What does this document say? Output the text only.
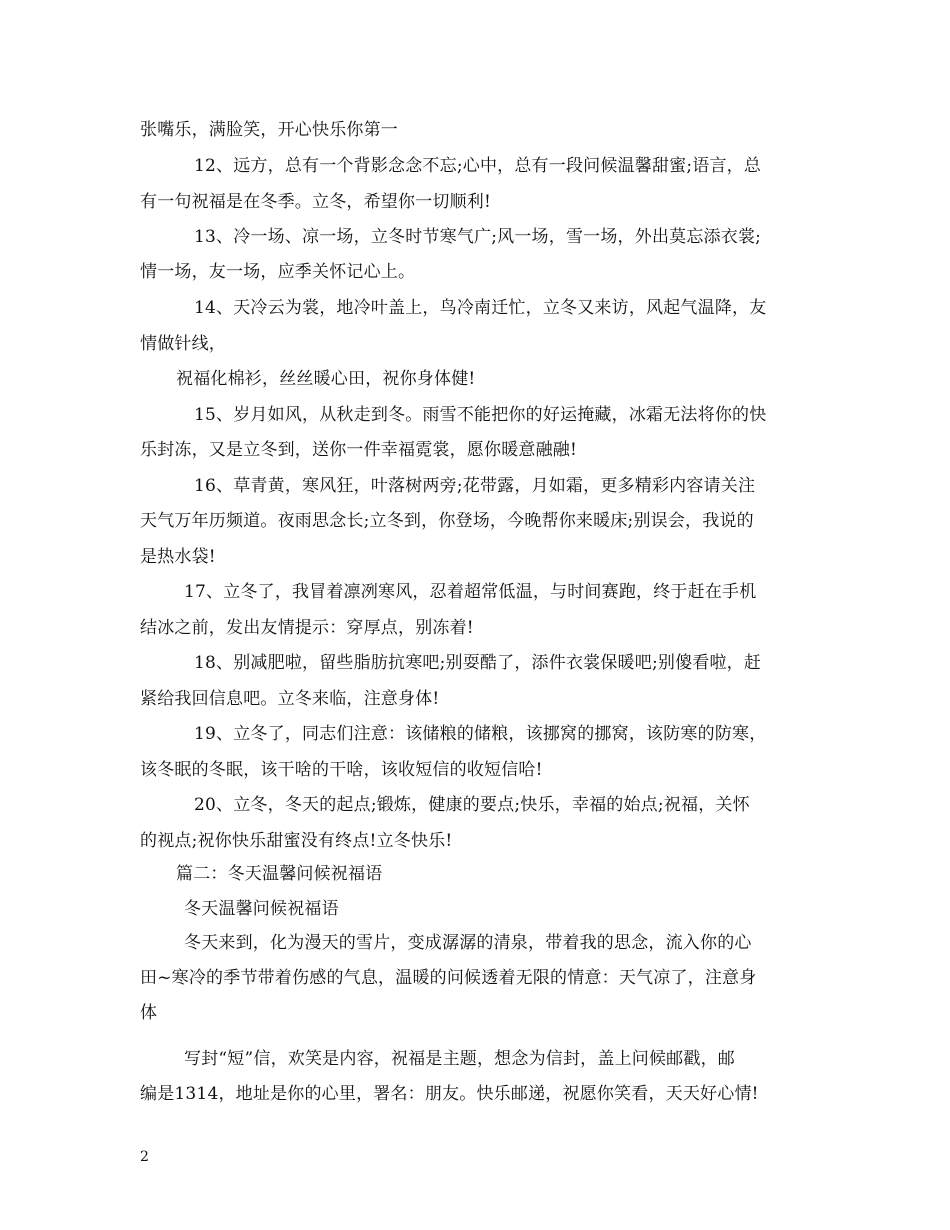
张嘴乐，满脸笑，开心快乐你第一
12、远方，总有一个背影念念不忘;心中，总有一段问候温馨甜蜜;语言，总
有一句祝福是在冬季。立冬，希望你一切顺利!
13、冷一场、凉一场，立冬时节寒气广;风一场，雪一场，外出莫忘添衣裳;
情一场，友一场，应季关怀记心上。
14、天冷云为裳，地冷叶盖上，鸟冷南迁忙，立冬又来访，风起气温降，友
情做针线，
祝福化棉衫，丝丝暖心田，祝你身体健!
15、岁月如风，从秋走到冬。雨雪不能把你的好运掩藏，冰霜无法将你的快
乐封冻，又是立冬到，送你一件幸福霓裳，愿你暖意融融!
16、草青黄，寒风狂，叶落树两旁;花带露，月如霜，更多精彩内容请关注
天气万年历频道。夜雨思念长;立冬到，你登场，今晚帮你来暖床;别误会，我说的
是热水袋!
17、立冬了，我冒着凛冽寒风，忍着超常低温，与时间赛跑，终于赶在手机
结冰之前，发出友情提示：穿厚点，别冻着!
18、别减肥啦，留些脂肪抗寒吧;别耍酷了，添件衣裳保暖吧;别傻看啦，赶
紧给我回信息吧。立冬来临，注意身体!
19、立冬了，同志们注意：该储粮的储粮，该挪窝的挪窝，该防寒的防寒，
该冬眠的冬眠，该干啥的干啥，该收短信的收短信哈!
20、立冬，冬天的起点;锻炼，健康的要点;快乐，幸福的始点;祝福，关怀
的视点;祝你快乐甜蜜没有终点!立冬快乐!
篇二：冬天温馨问候祝福语
冬天温馨问候祝福语
冬天来到，化为漫天的雪片，变成潺潺的清泉，带着我的思念，流入你的心
田~寒冷的季节带着伤感的气息，温暖的问候透着无限的情意：天气凉了，注意身
体
写封“短”信，欢笑是内容，祝福是主题，想念为信封，盖上问候邮戳，邮
编是1314，地址是你的心里，署名：朋友。快乐邮递，祝愿你笑看，天天好心情!
2
